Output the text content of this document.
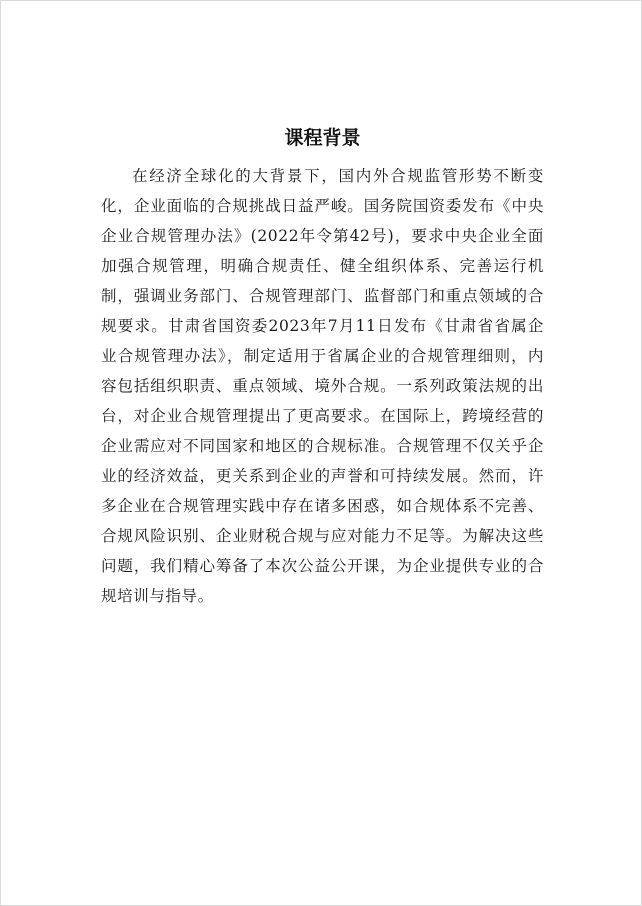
课程背景

在经济全球化的大背景下，国内外合规监管形势不断变化，企业面临的合规挑战日益严峻。国务院国资委发布《中央企业合规管理办法》(2022年令第42号)，要求中央企业全面加强合规管理，明确合规责任、健全组织体系、完善运行机制，强调业务部门、合规管理部门、监督部门和重点领域的合规要求。甘肃省国资委2023年7月11日发布《甘肃省省属企业合规管理办法》，制定适用于省属企业的合规管理细则，内容包括组织职责、重点领域、境外合规。一系列政策法规的出台，对企业合规管理提出了更高要求。在国际上，跨境经营的企业需应对不同国家和地区的合规标准。合规管理不仅关乎企业的经济效益，更关系到企业的声誉和可持续发展。然而，许多企业在合规管理实践中存在诸多困惑，如合规体系不完善、合规风险识别、企业财税合规与应对能力不足等。为解决这些问题，我们精心筹备了本次公益公开课，为企业提供专业的合规培训与指导。
